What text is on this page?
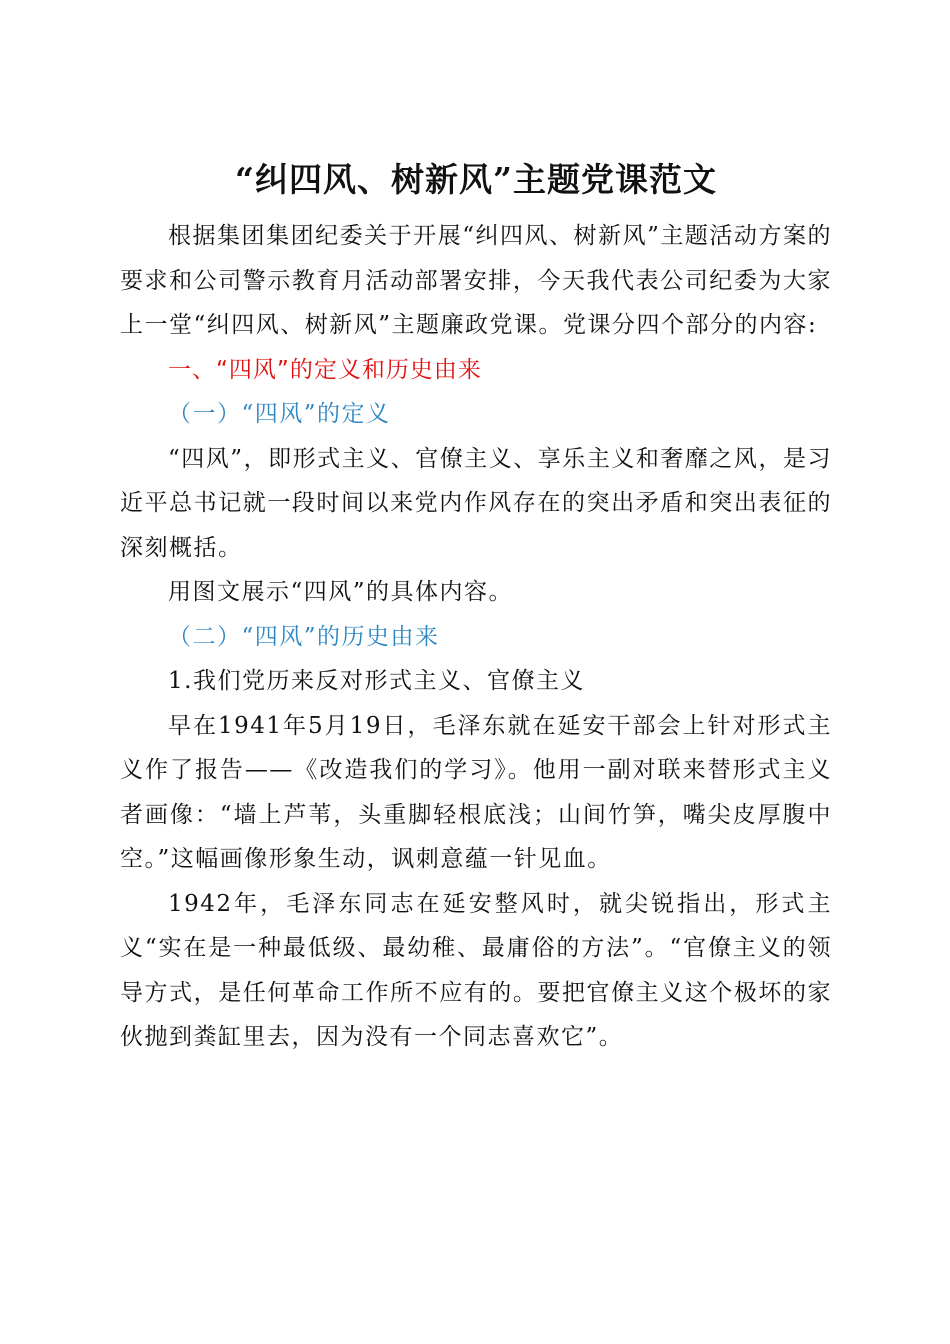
“纠四风、树新风”主题党课范文

根据集团集团纪委关于开展“纠四风、树新风”主题活动方案的要求和公司警示教育月活动部署安排，今天我代表公司纪委为大家上一堂“纠四风、树新风”主题廉政党课。党课分四个部分的内容:

一、“四风”的定义和历史由来

（一）“四风”的定义

“四风”，即形式主义、官僚主义、享乐主义和奢靡之风，是习近平总书记就一段时间以来党内作风存在的突出矛盾和突出表征的深刻概括。

用图文展示“四风”的具体内容。

（二）“四风”的历史由来

1.我们党历来反对形式主义、官僚主义

早在1941年5月19日，毛泽东就在延安干部会上针对形式主义作了报告——《改造我们的学习》。他用一副对联来替形式主义者画像：“墙上芦苇，头重脚轻根底浅；山间竹笋，嘴尖皮厚腹中空。”这幅画像形象生动，讽刺意蕴一针见血。

1942年，毛泽东同志在延安整风时，就尖锐指出，形式主义“实在是一种最低级、最幼稚、最庸俗的方法”。“官僚主义的领导方式，是任何革命工作所不应有的。要把官僚主义这个极坏的家伙抛到粪缸里去，因为没有一个同志喜欢它”。
